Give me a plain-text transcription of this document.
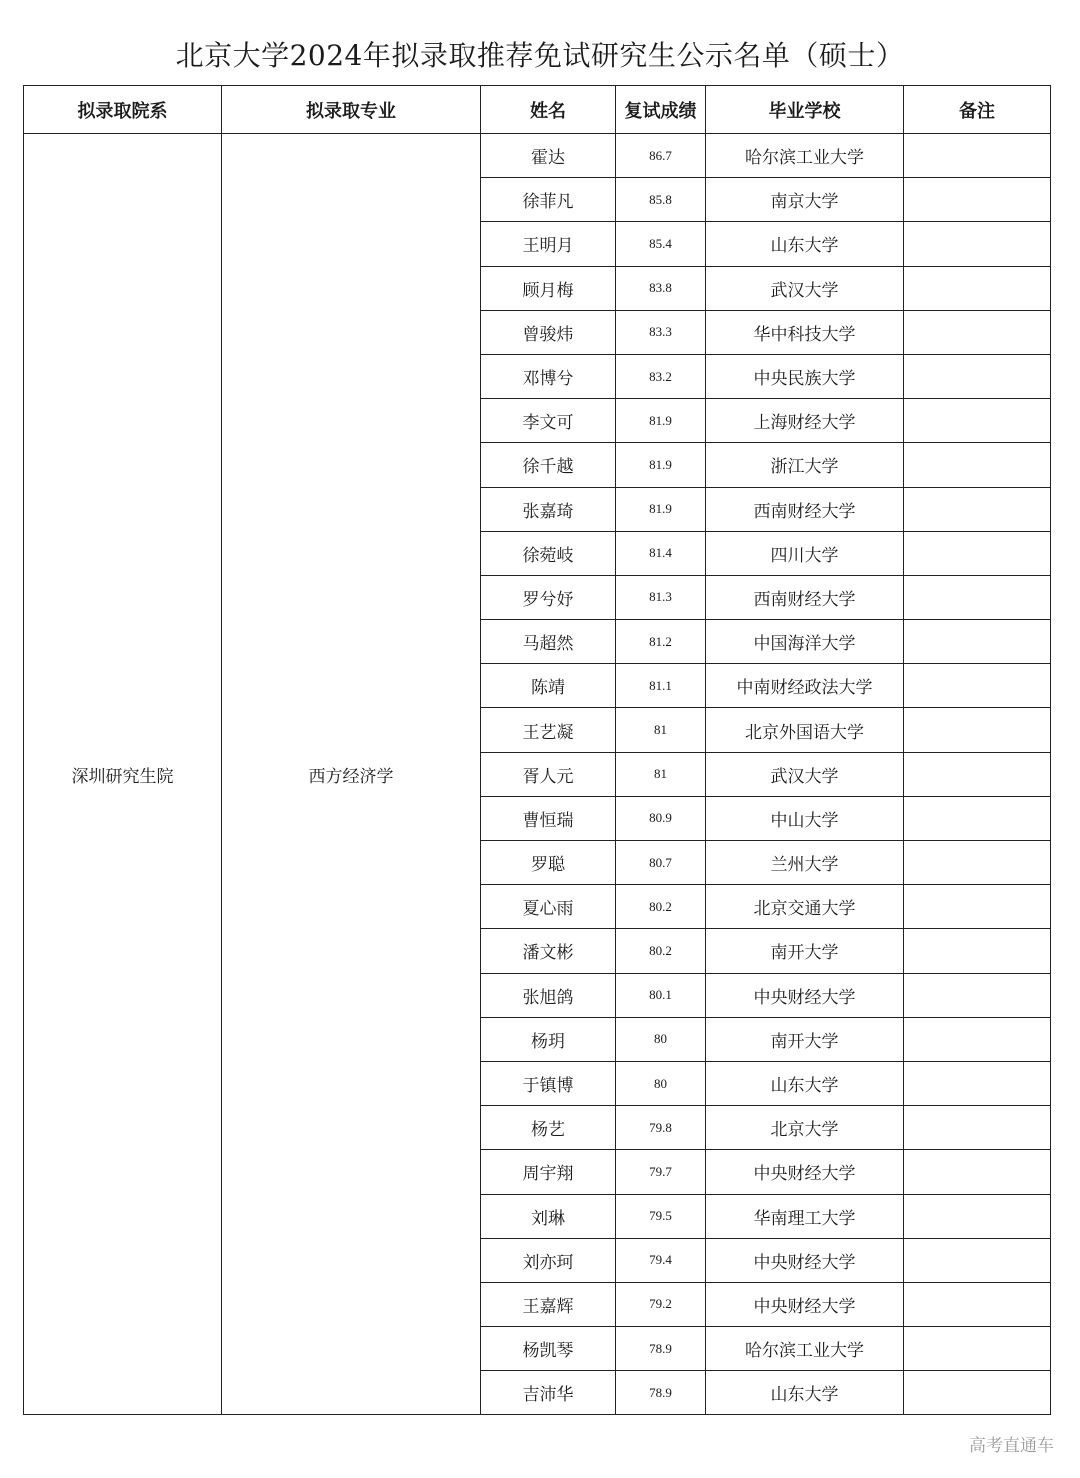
北京大学2024年拟录取推荐免试研究生公示名单（硕士）
拟录取院系	拟录取专业	姓名	复试成绩	毕业学校	备注
深圳研究生院	西方经济学	霍达	86.7	哈尔滨工业大学	
		徐菲凡	85.8	南京大学	
		王明月	85.4	山东大学	
		顾月梅	83.8	武汉大学	
		曾骏炜	83.3	华中科技大学	
		邓博兮	83.2	中央民族大学	
		李文可	81.9	上海财经大学	
		徐千越	81.9	浙江大学	
		张嘉琦	81.9	西南财经大学	
		徐菀岐	81.4	四川大学	
		罗兮妤	81.3	西南财经大学	
		马超然	81.2	中国海洋大学	
		陈靖	81.1	中南财经政法大学	
		王艺凝	81	北京外国语大学	
		胥人元	81	武汉大学	
		曹恒瑞	80.9	中山大学	
		罗聪	80.7	兰州大学	
		夏心雨	80.2	北京交通大学	
		潘文彬	80.2	南开大学	
		张旭鸽	80.1	中央财经大学	
		杨玥	80	南开大学	
		于镇博	80	山东大学	
		杨艺	79.8	北京大学	
		周宇翔	79.7	中央财经大学	
		刘琳	79.5	华南理工大学	
		刘亦珂	79.4	中央财经大学	
		王嘉辉	79.2	中央财经大学	
		杨凯琴	78.9	哈尔滨工业大学	
		吉沛华	78.9	山东大学	
高考直通车
